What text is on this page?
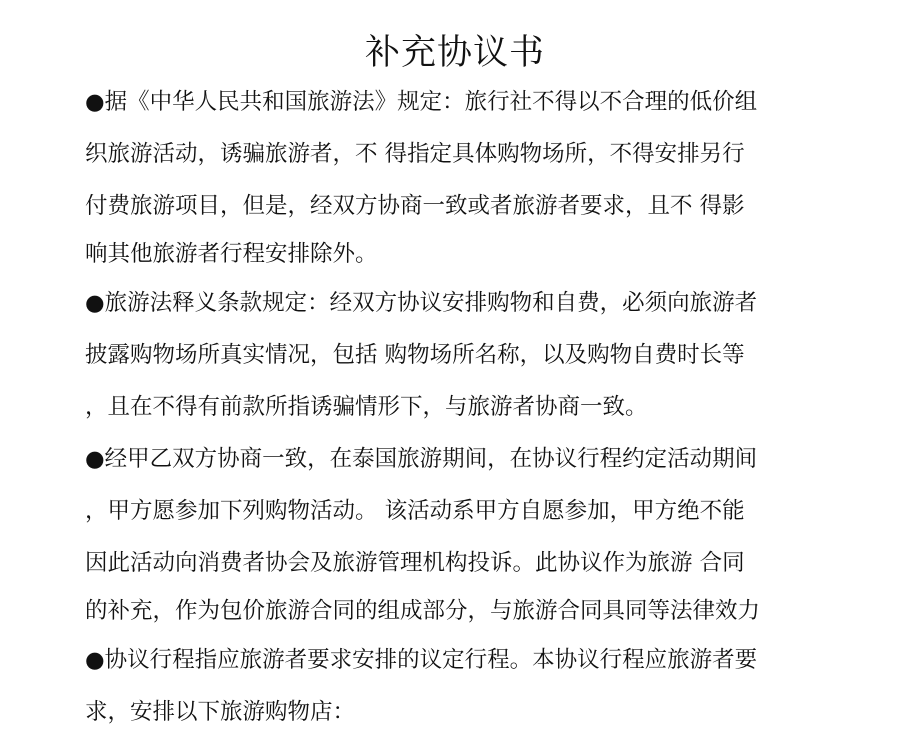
补充协议书
●据《中华人民共和国旅游法》规定：旅行社不得以不合理的低价组
织旅游活动，诱骗旅游者，不 得指定具体购物场所，不得安排另行
付费旅游项目，但是，经双方协商一致或者旅游者要求，且不 得影
响其他旅游者行程安排除外。
●旅游法释义条款规定：经双方协议安排购物和自费，必须向旅游者
披露购物场所真实情况，包括 购物场所名称，以及购物自费时长等
，且在不得有前款所指诱骗情形下，与旅游者协商一致。
●经甲乙双方协商一致，在泰国旅游期间，在协议行程约定活动期间
，甲方愿参加下列购物活动。 该活动系甲方自愿参加，甲方绝不能
因此活动向消费者协会及旅游管理机构投诉。此协议作为旅游 合同
的补充，作为包价旅游合同的组成部分，与旅游合同具同等法律效力
●协议行程指应旅游者要求安排的议定行程。本协议行程应旅游者要
求，安排以下旅游购物店：
